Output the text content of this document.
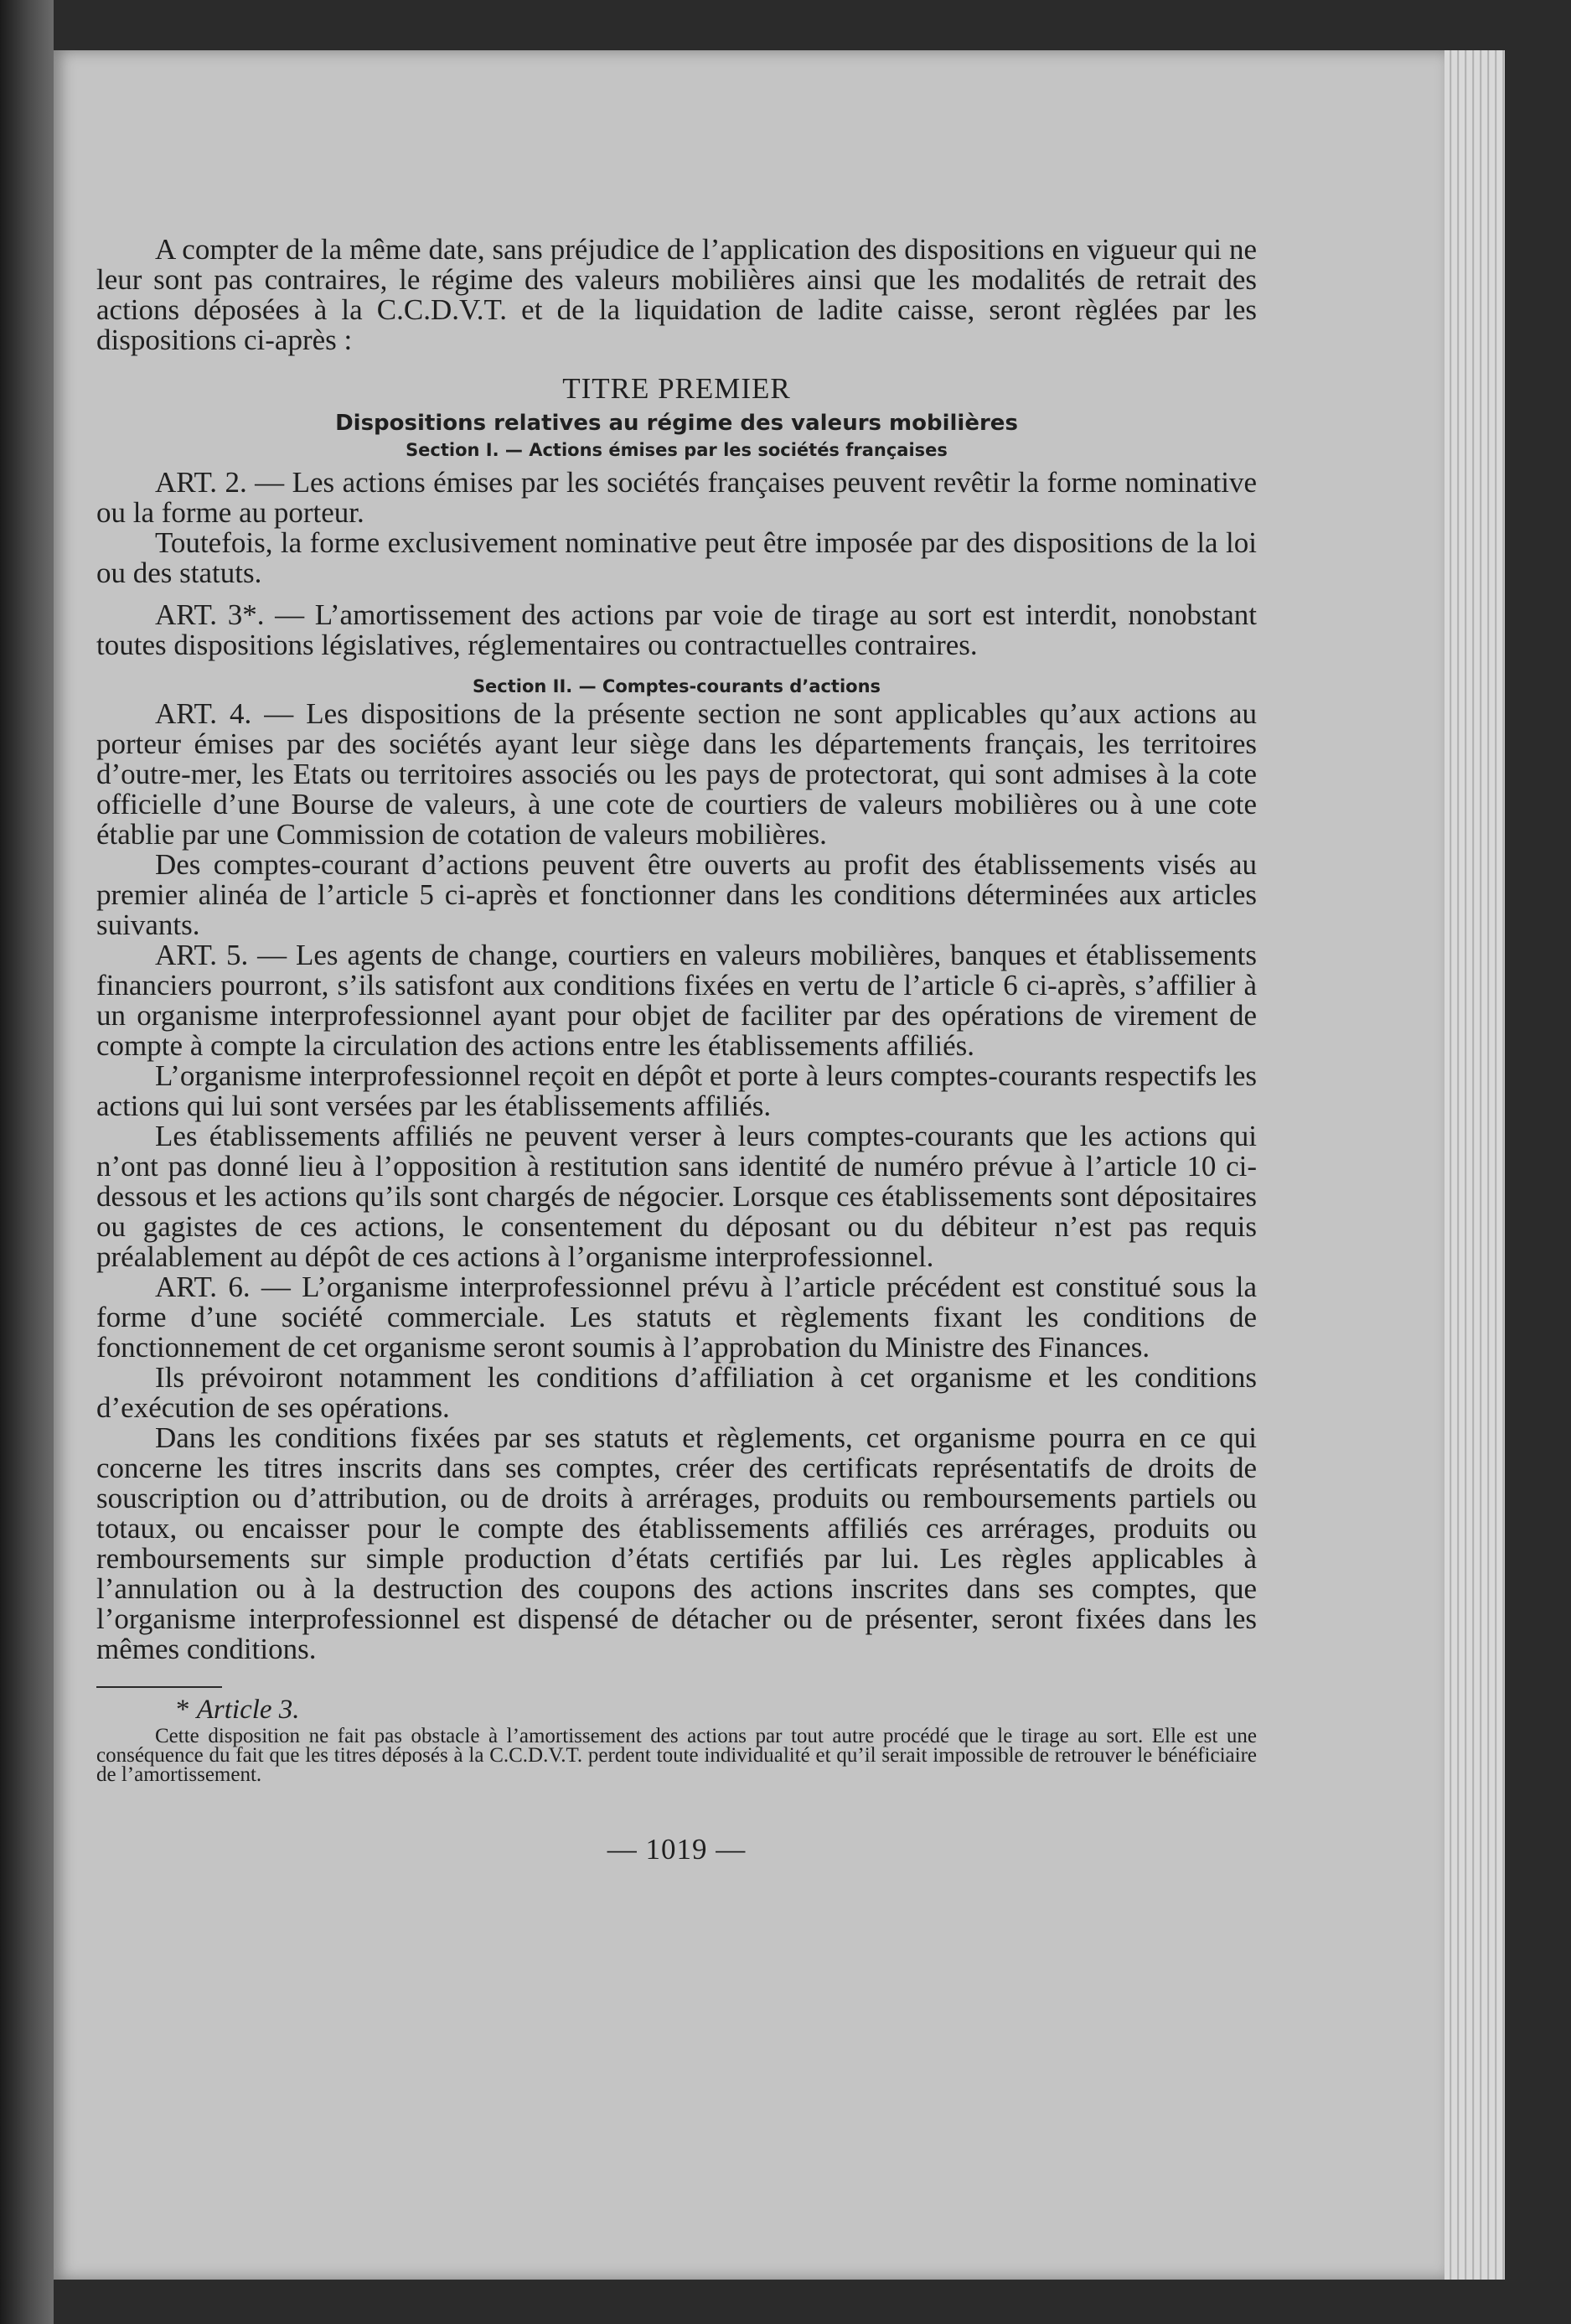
A compter de la même date, sans préjudice de l’application des dispositions en vigueur qui ne leur sont pas contraires, le régime des valeurs mobilières ainsi que les modalités de retrait des actions déposées à la C.C.D.V.T. et de la liquidation de ladite caisse, seront règlées par les dispositions ci-après :

TITRE PREMIER
Dispositions relatives au régime des valeurs mobilières
Section I. — Actions émises par les sociétés françaises

ART. 2. — Les actions émises par les sociétés françaises peuvent revêtir la forme nominative ou la forme au porteur.

Toutefois, la forme exclusivement nominative peut être imposée par des dispositions de la loi ou des statuts.

ART. 3*. — L’amortissement des actions par voie de tirage au sort est interdit, nonobstant toutes dispositions législatives, réglementaires ou contractuelles contraires.

Section II. — Comptes-courants d’actions

ART. 4. — Les dispositions de la présente section ne sont applicables qu’aux actions au porteur émises par des sociétés ayant leur siège dans les départements français, les territoires d’outre-mer, les Etats ou territoires associés ou les pays de protectorat, qui sont admises à la cote officielle d’une Bourse de valeurs, à une cote de courtiers de valeurs mobilières ou à une cote établie par une Commission de cotation de valeurs mobilières.

Des comptes-courant d’actions peuvent être ouverts au profit des établissements visés au premier alinéa de l’article 5 ci-après et fonctionner dans les conditions déterminées aux articles suivants.

ART. 5. — Les agents de change, courtiers en valeurs mobilières, banques et établissements financiers pourront, s’ils satisfont aux conditions fixées en vertu de l’article 6 ci-après, s’affilier à un organisme interprofessionnel ayant pour objet de faciliter par des opérations de virement de compte à compte la circulation des actions entre les établissements affiliés.

L’organisme interprofessionnel reçoit en dépôt et porte à leurs comptes-courants respectifs les actions qui lui sont versées par les établissements affiliés.

Les établissements affiliés ne peuvent verser à leurs comptes-courants que les actions qui n’ont pas donné lieu à l’opposition à restitution sans identité de numéro prévue à l’article 10 ci-dessous et les actions qu’ils sont chargés de négocier. Lorsque ces établissements sont dépositaires ou gagistes de ces actions, le consentement du déposant ou du débiteur n’est pas requis préalablement au dépôt de ces actions à l’organisme interprofessionnel.

ART. 6. — L’organisme interprofessionnel prévu à l’article précédent est constitué sous la forme d’une société commerciale. Les statuts et règlements fixant les conditions de fonctionnement de cet organisme seront soumis à l’approbation du Ministre des Finances.

Ils prévoiront notamment les conditions d’affiliation à cet organisme et les conditions d’exécution de ses opérations.

Dans les conditions fixées par ses statuts et règlements, cet organisme pourra en ce qui concerne les titres inscrits dans ses comptes, créer des certificats représentatifs de droits de souscription ou d’attribution, ou de droits à arrérages, produits ou remboursements partiels ou totaux, ou encaisser pour le compte des établissements affiliés ces arrérages, produits ou remboursements sur simple production d’états certifiés par lui. Les règles applicables à l’annulation ou à la destruction des coupons des actions inscrites dans ses comptes, que l’organisme interprofessionnel est dispensé de détacher ou de présenter, seront fixées dans les mêmes conditions.

* Article 3.

Cette disposition ne fait pas obstacle à l’amortissement des actions par tout autre procédé que le tirage au sort. Elle est une conséquence du fait que les titres déposés à la C.C.D.V.T. perdent toute individualité et qu’il serait impossible de retrouver le bénéficiaire de l’amortissement.

— 1019 —
